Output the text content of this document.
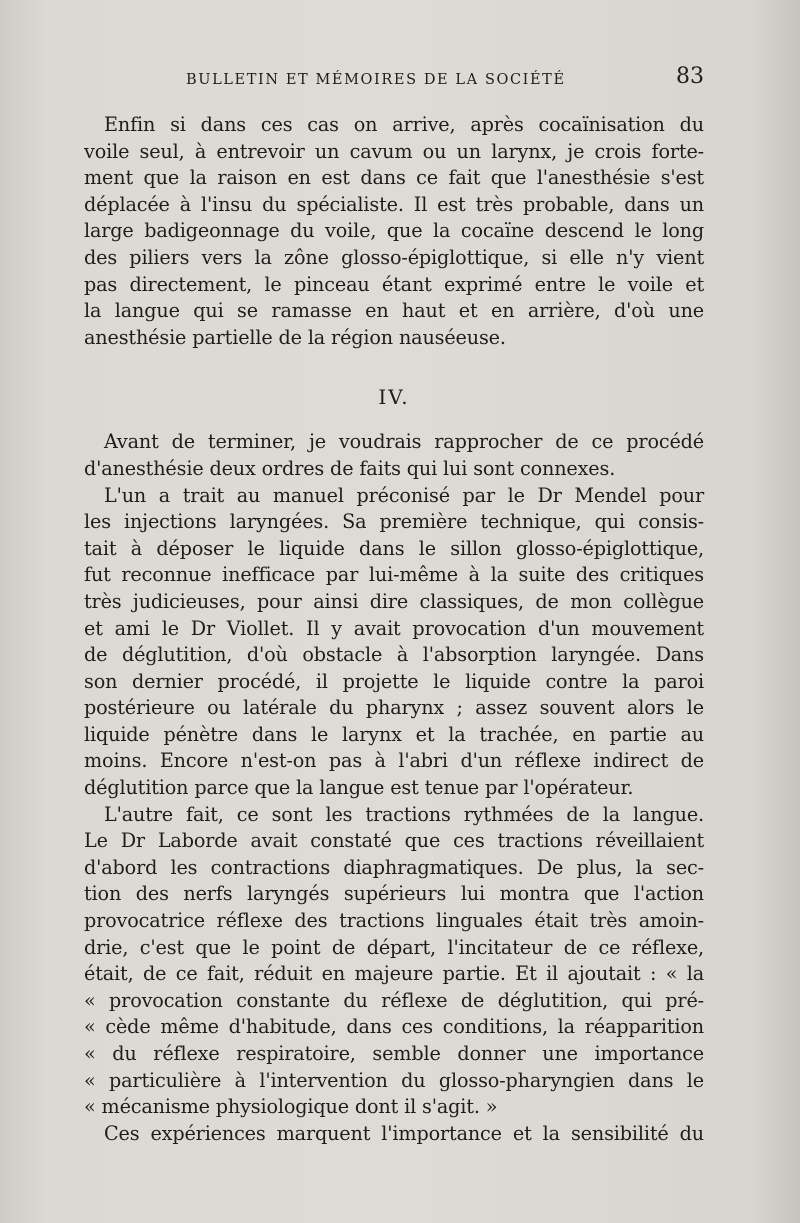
BULLETIN ET MÉMOIRES DE LA SOCIÉTÉ	83
Enfin si dans ces cas on arrive, après cocaïnisation du
voile seul, à entrevoir un cavum ou un larynx, je crois forte-
ment que la raison en est dans ce fait que l'anesthésie s'est
déplacée à l'insu du spécialiste. Il est très probable, dans un
large badigeonnage du voile, que la cocaïne descend le long
des piliers vers la zône glosso-épiglottique, si elle n'y vient
pas directement, le pinceau étant exprimé entre le voile et
la langue qui se ramasse en haut et en arrière, d'où une
anesthésie partielle de la région nauséeuse.
IV.
Avant de terminer, je voudrais rapprocher de ce procédé
d'anesthésie deux ordres de faits qui lui sont connexes.
L'un a trait au manuel préconisé par le Dr Mendel pour
les injections laryngées. Sa première technique, qui consis-
tait à déposer le liquide dans le sillon glosso-épiglottique,
fut reconnue inefficace par lui-même à la suite des critiques
très judicieuses, pour ainsi dire classiques, de mon collègue
et ami le Dr Viollet. Il y avait provocation d'un mouvement
de déglutition, d'où obstacle à l'absorption laryngée. Dans
son dernier procédé, il projette le liquide contre la paroi
postérieure ou latérale du pharynx ; assez souvent alors le
liquide pénètre dans le larynx et la trachée, en partie au
moins. Encore n'est-on pas à l'abri d'un réflexe indirect de
déglutition parce que la langue est tenue par l'opérateur.
L'autre fait, ce sont les tractions rythmées de la langue.
Le Dr Laborde avait constaté que ces tractions réveillaient
d'abord les contractions diaphragmatiques. De plus, la sec-
tion des nerfs laryngés supérieurs lui montra que l'action
provocatrice réflexe des tractions linguales était très amoin-
drie, c'est que le point de départ, l'incitateur de ce réflexe,
était, de ce fait, réduit en majeure partie. Et il ajoutait : « la
« provocation constante du réflexe de déglutition, qui pré-
« cède même d'habitude, dans ces conditions, la réapparition
« du réflexe respiratoire, semble donner une importance
« particulière à l'intervention du glosso-pharyngien dans le
« mécanisme physiologique dont il s'agit. »
Ces expériences marquent l'importance et la sensibilité du
